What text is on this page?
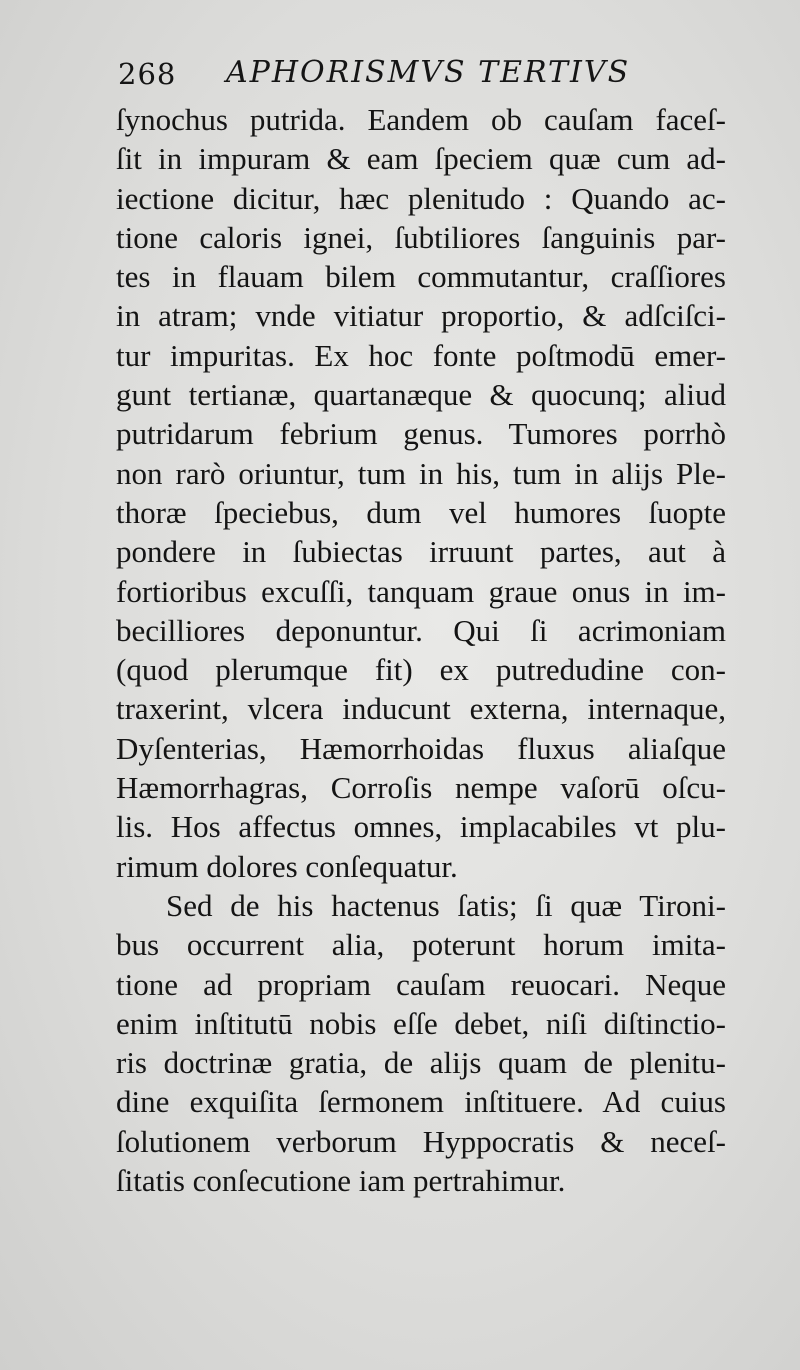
268 APHORISMVS TERTIVS
ſynochus putrida. Eandem ob cauſam faceſ-
ſit in impuram & eam ſpeciem quæ cum ad-
iectione dicitur, hæc plenitudo : Quando ac-
tione caloris ignei, ſubtiliores ſanguinis par-
tes in flauam bilem commutantur, craſſiores
in atram; vnde vitiatur proportio, & adſciſci-
tur impuritas. Ex hoc fonte poſtmodū emer-
gunt tertianæ, quartanæque & quocunq; aliud
putridarum febrium genus. Tumores porrhò
non rarò oriuntur, tum in his, tum in alijs Ple-
thoræ ſpeciebus, dum vel humores ſuopte
pondere in ſubiectas irruunt partes, aut à
fortioribus excuſſi, tanquam graue onus in im-
becilliores deponuntur. Qui ſi acrimoniam
(quod plerumque fit) ex putredudine con-
traxerint, vlcera inducunt externa, internaque,
Dyſenterias, Hæmorrhoidas fluxus aliaſque
Hæmorrhagras, Corroſis nempe vaſorū oſcu-
lis. Hos affectus omnes, implacabiles vt plu-
rimum dolores conſequatur.
Sed de his hactenus ſatis; ſi quæ Tironi-
bus occurrent alia, poterunt horum imita-
tione ad propriam cauſam reuocari. Neque
enim inſtitutū nobis eſſe debet, niſi diſtinctio-
ris doctrinæ gratia, de alijs quam de plenitu-
dine exquiſita ſermonem inſtituere. Ad cuius
ſolutionem verborum Hyppocratis & neceſ-
ſitatis conſecutione iam pertrahimur.
